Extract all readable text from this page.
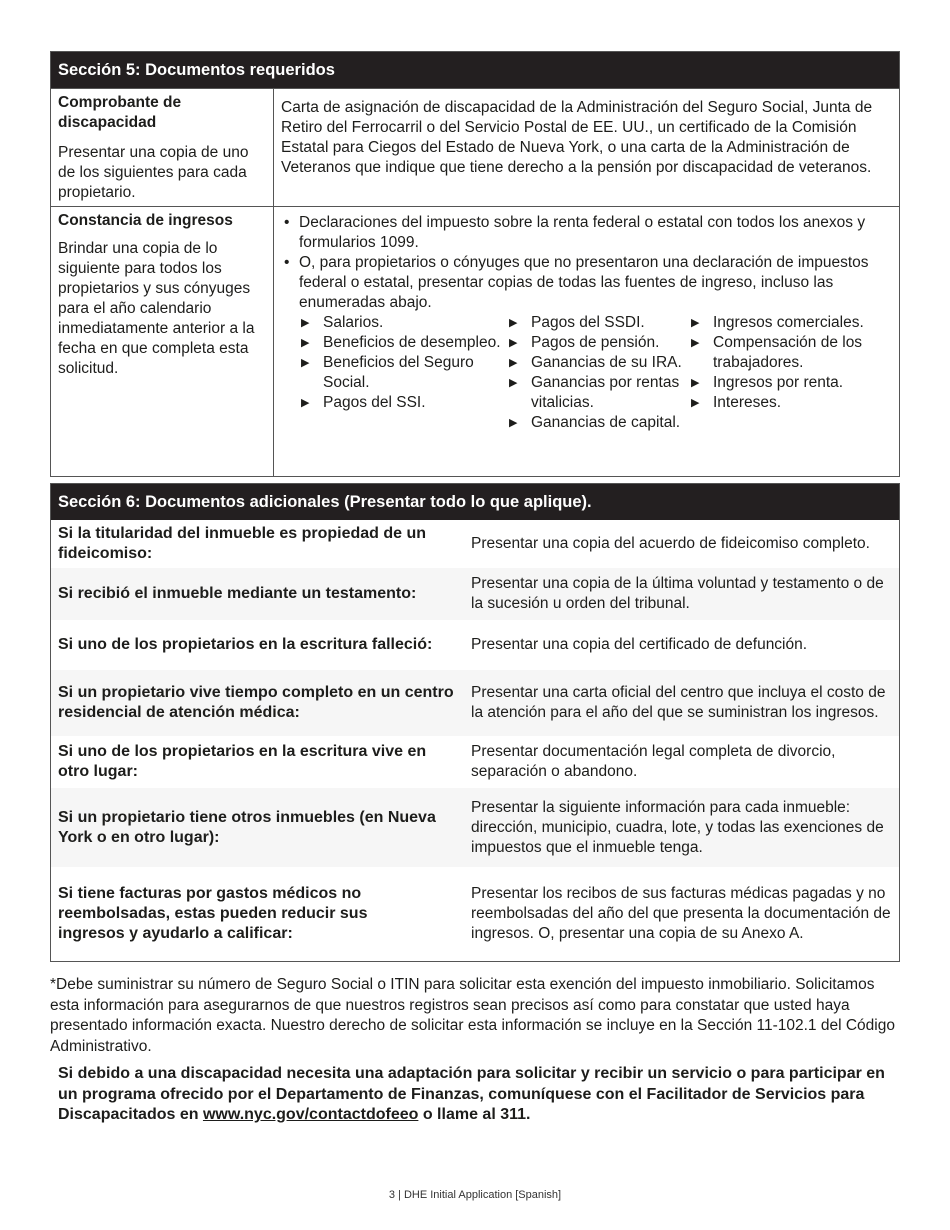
Sección 5: Documentos requeridos
Comprobante de discapacidad
Presentar una copia de uno de los siguientes para cada propietario.
Carta de asignación de discapacidad de la Administración del Seguro Social, Junta de Retiro del Ferrocarril o del Servicio Postal de EE. UU., un certificado de la Comisión Estatal para Ciegos del Estado de Nueva York, o una carta de la Administración de Veteranos que indique que tiene derecho a la pensión por discapacidad de veteranos.
Constancia de ingresos
Brindar una copia de lo siguiente para todos los propietarios y sus cónyuges para el año calendario inmediatamente anterior a la fecha en que completa esta solicitud.
• Declaraciones del impuesto sobre la renta federal o estatal con todos los anexos y formularios 1099.
• O, para propietarios o cónyuges que no presentaron una declaración de impuestos federal o estatal, presentar copias de todas las fuentes de ingreso, incluso las enumeradas abajo.
▶ Salarios.
▶ Beneficios de desempleo.
▶ Beneficios del Seguro Social.
▶ Pagos del SSI.
▶ Pagos del SSDI.
▶ Pagos de pensión.
▶ Ganancias de su IRA.
▶ Ganancias por rentas vitalicias.
▶ Ganancias de capital.
▶ Ingresos comerciales.
▶ Compensación de los trabajadores.
▶ Ingresos por renta.
▶ Intereses.
Sección 6: Documentos adicionales (Presentar todo lo que aplique).
Si la titularidad del inmueble es propiedad de un fideicomiso:
Presentar una copia del acuerdo de fideicomiso completo.
Si recibió el inmueble mediante un testamento:
Presentar una copia de la última voluntad y testamento o de la sucesión u orden del tribunal.
Si uno de los propietarios en la escritura falleció:	Presentar una copia del certificado de defunción.
Si un propietario vive tiempo completo en un centro residencial de atención médica:
Presentar una carta oficial del centro que incluya el costo de la atención para el año del que se suministran los ingresos.
Si uno de los propietarios en la escritura vive en otro lugar:
Presentar documentación legal completa de divorcio, separación o abandono.
Si un propietario tiene otros inmuebles (en Nueva York o en otro lugar):
Presentar la siguiente información para cada inmueble: dirección, municipio, cuadra, lote, y todas las exenciones de impuestos que el inmueble tenga.
Si tiene facturas por gastos médicos no reembolsadas, estas pueden reducir sus ingresos y ayudarlo a calificar:
Presentar los recibos de sus facturas médicas pagadas y no reembolsadas del año del que presenta la documentación de ingresos. O, presentar una copia de su Anexo A.
*Debe suministrar su número de Seguro Social o ITIN para solicitar esta exención del impuesto inmobiliario. Solicitamos esta información para asegurarnos de que nuestros registros sean precisos así como para constatar que usted haya presentado información exacta. Nuestro derecho de solicitar esta información se incluye en la Sección 11-102.1 del Código Administrativo.
Si debido a una discapacidad necesita una adaptación para solicitar y recibir un servicio o para participar en un programa ofrecido por el Departamento de Finanzas, comuníquese con el Facilitador de Servicios para Discapacitados en www.nyc.gov/contactdofeeo o llame al 311.
3 | DHE Initial Application [Spanish]
